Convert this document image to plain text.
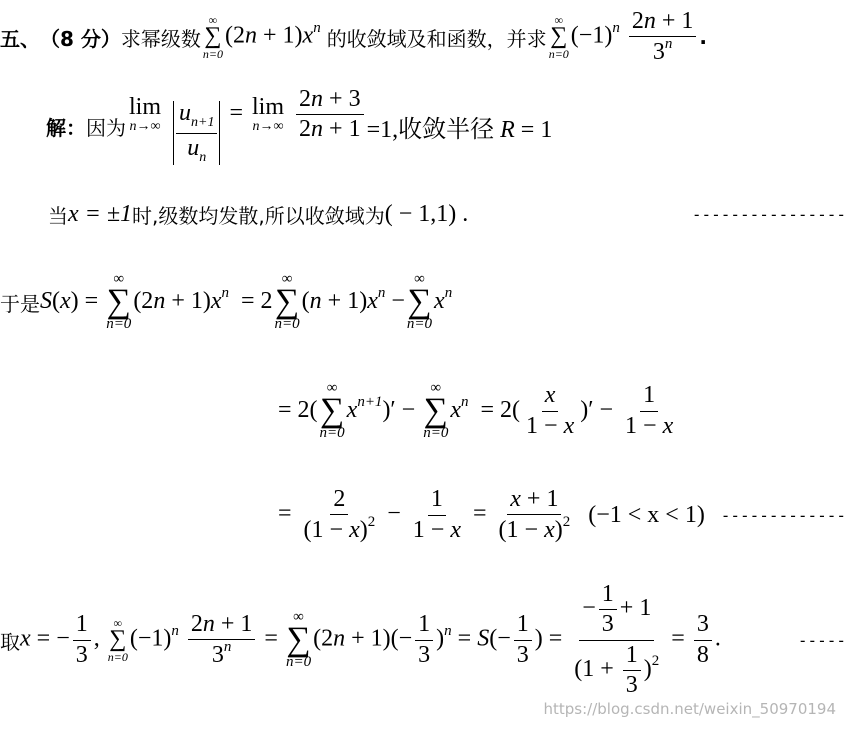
五、 （8 分） 求幂级数
∞
∑
n=0
$(2n + 1)x^n$ 的收敛域及和函数，并求
∞
∑
n=0
$(-1)^n \frac{2n + 1}{3^n}$ .
解： 因为
lim
n→∞
$\frac{u_{n+1}}{u_n} = \lim$
n→∞
$\frac{2n + 3}{2n + 1} =1$,收敛半径 R = 1
当 x = ±1 时,级数均发散,所以收敛域为 ( − 1,1) .	----------------
于是 S(x) =
∞
∑
n=0
$(2n + 1)x^n = 2$
∞
∑
n=0
$(n + 1)x^n$ −
∞
∑
n=0
$x^n$
= 2(
∞
∑
n=0
$x^{n+1})'$ −
∞
∑
n=0
$x^n = 2( \frac{x}{1 - x}$ )′ − $\frac{1}{1 - x}$
= $\frac{2}{(1 - x)^2} - \frac{1}{1 - x} = \frac{x + 1}{(1 - x)^2} (-1 < x < 1)$ -------------
取 x = − $\frac{1}{3}$ ,
∞
∑
n=0
$(-1)^n \frac{2n + 1}{3^n}$ =
∞
∑
n=0
$(2n + 1)(- \frac{1}{3} )^n = S(- \frac{1}{3}$ ) = $\frac{- \frac{1}{3} + 1}{(1 + \frac{1}{3} )^2} = \frac{3}{8}$ .	-----
https://blog.csdn.net/weixin_50970194
